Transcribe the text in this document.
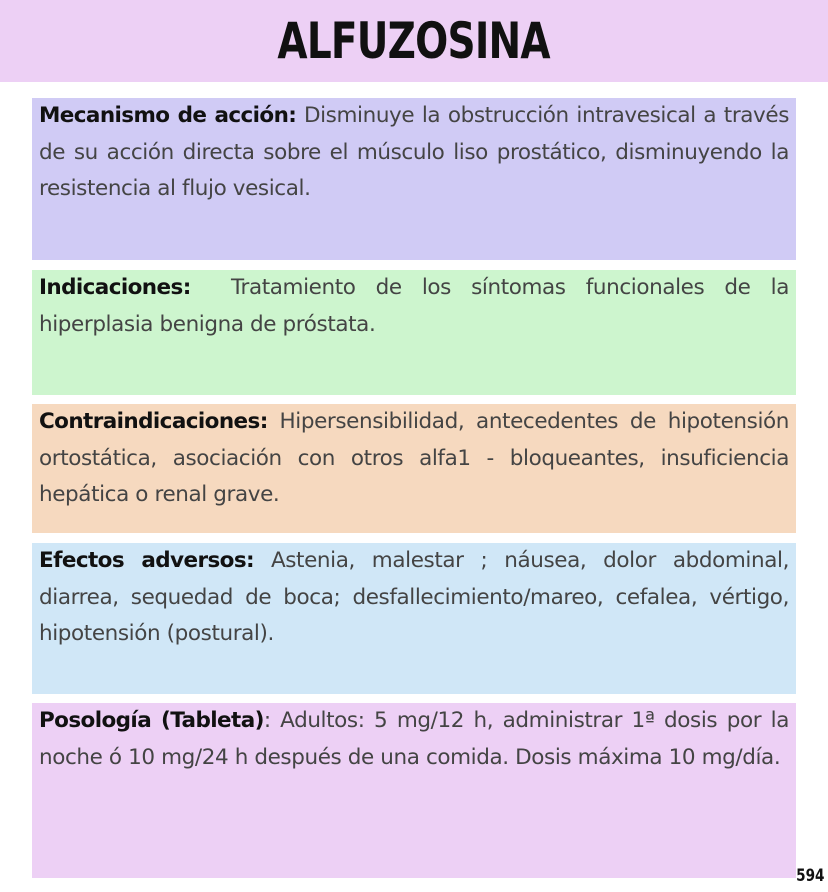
ALFUZOSINA

Mecanismo de acción: Disminuye la obstrucción intravesical a través de su acción directa sobre el músculo liso prostático, disminuyendo la resistencia al flujo vesical.

Indicaciones: Tratamiento de los síntomas funcionales de la hiperplasia benigna de próstata.

Contraindicaciones: Hipersensibilidad, antecedentes de hipotensión ortostática, asociación con otros alfa1 - bloqueantes, insuficiencia hepática o renal grave.

Efectos adversos: Astenia, malestar ; náusea, dolor abdominal, diarrea, sequedad de boca; desfallecimiento/mareo, cefalea, vértigo, hipotensión (postural).

Posología (Tableta): Adultos: 5 mg/12 h, administrar 1ª dosis por la noche ó 10 mg/24 h después de una comida. Dosis máxima 10 mg/día.

594
